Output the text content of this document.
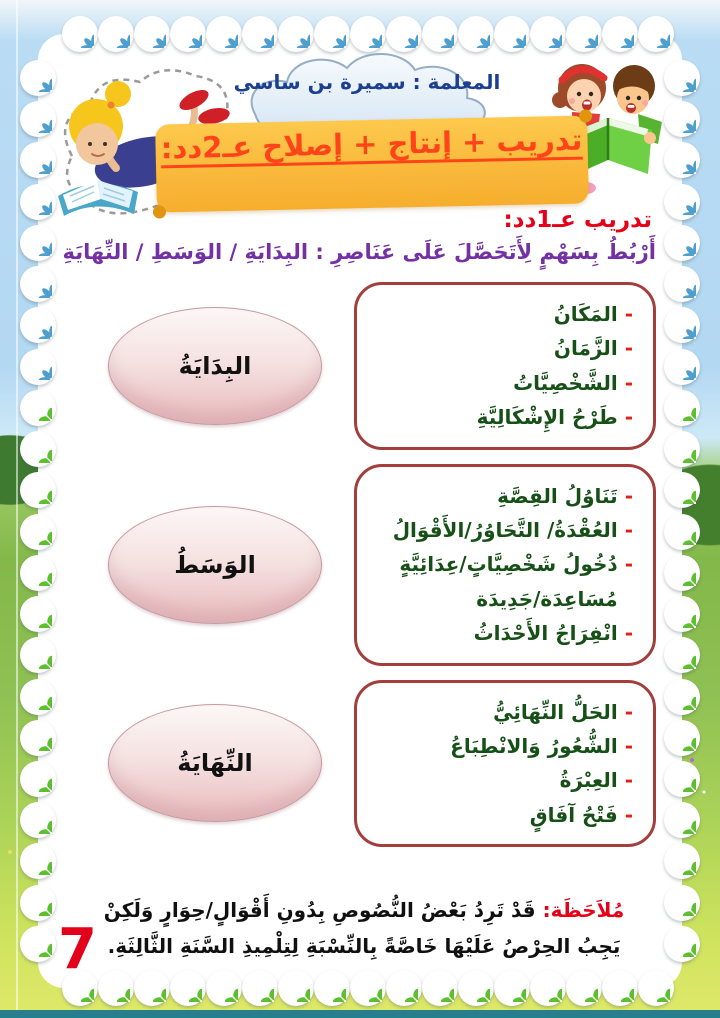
المعلمة : سميرة بن ساسي
تدريب + إنتاج + إصلاح عـ2دد:
تدريب عـ1دد:
أَرْبُطُ بِسَهْمٍ لِأَتَحَصَّلَ عَلَى عَنَاصِرِ : البِدَايَةِ / الوَسَطِ / النِّهَايَةِ
-
المَكَانُ
-
الزَّمَانُ
-
الشَّخْصِيَّاتُ
-
طَرْحُ الإِشْكَالِيَّةِ
البِدَايَةُ
-
تَنَاوُلُ القِصَّةِ
-
العُقْدَةُ/ التَّحَاوُرُ/الأَقْوَالُ
-
دُخُولُ شَخْصِيَّاتٍ/عِدَائِيَّةٍ مُسَاعِدَة/جَدِيدَة
-
انْفِرَاجُ الأَحْدَاثُ
الوَسَطُ
-
الحَلُّ النِّهَائِيُّ
-
الشُّعُورُ وَالانْطِبَاعُ
-
العِبْرَةُ
-
فَتْحُ آفَاقٍ
النِّهَايَةُ
مُلاَحَظَة:قَدْ تَرِدُ بَعْضُ النُّصُوصِ بِدُونِ أَقْوَالٍ/حِوَارٍ وَلَكِنْ يَجِبُ الحِرْصُ عَلَيْهَا خَاصَّةً بِالنِّسْبَةِ لِتِلْمِيذِ السَّنَةِ الثَّالِثَةِ.
7
